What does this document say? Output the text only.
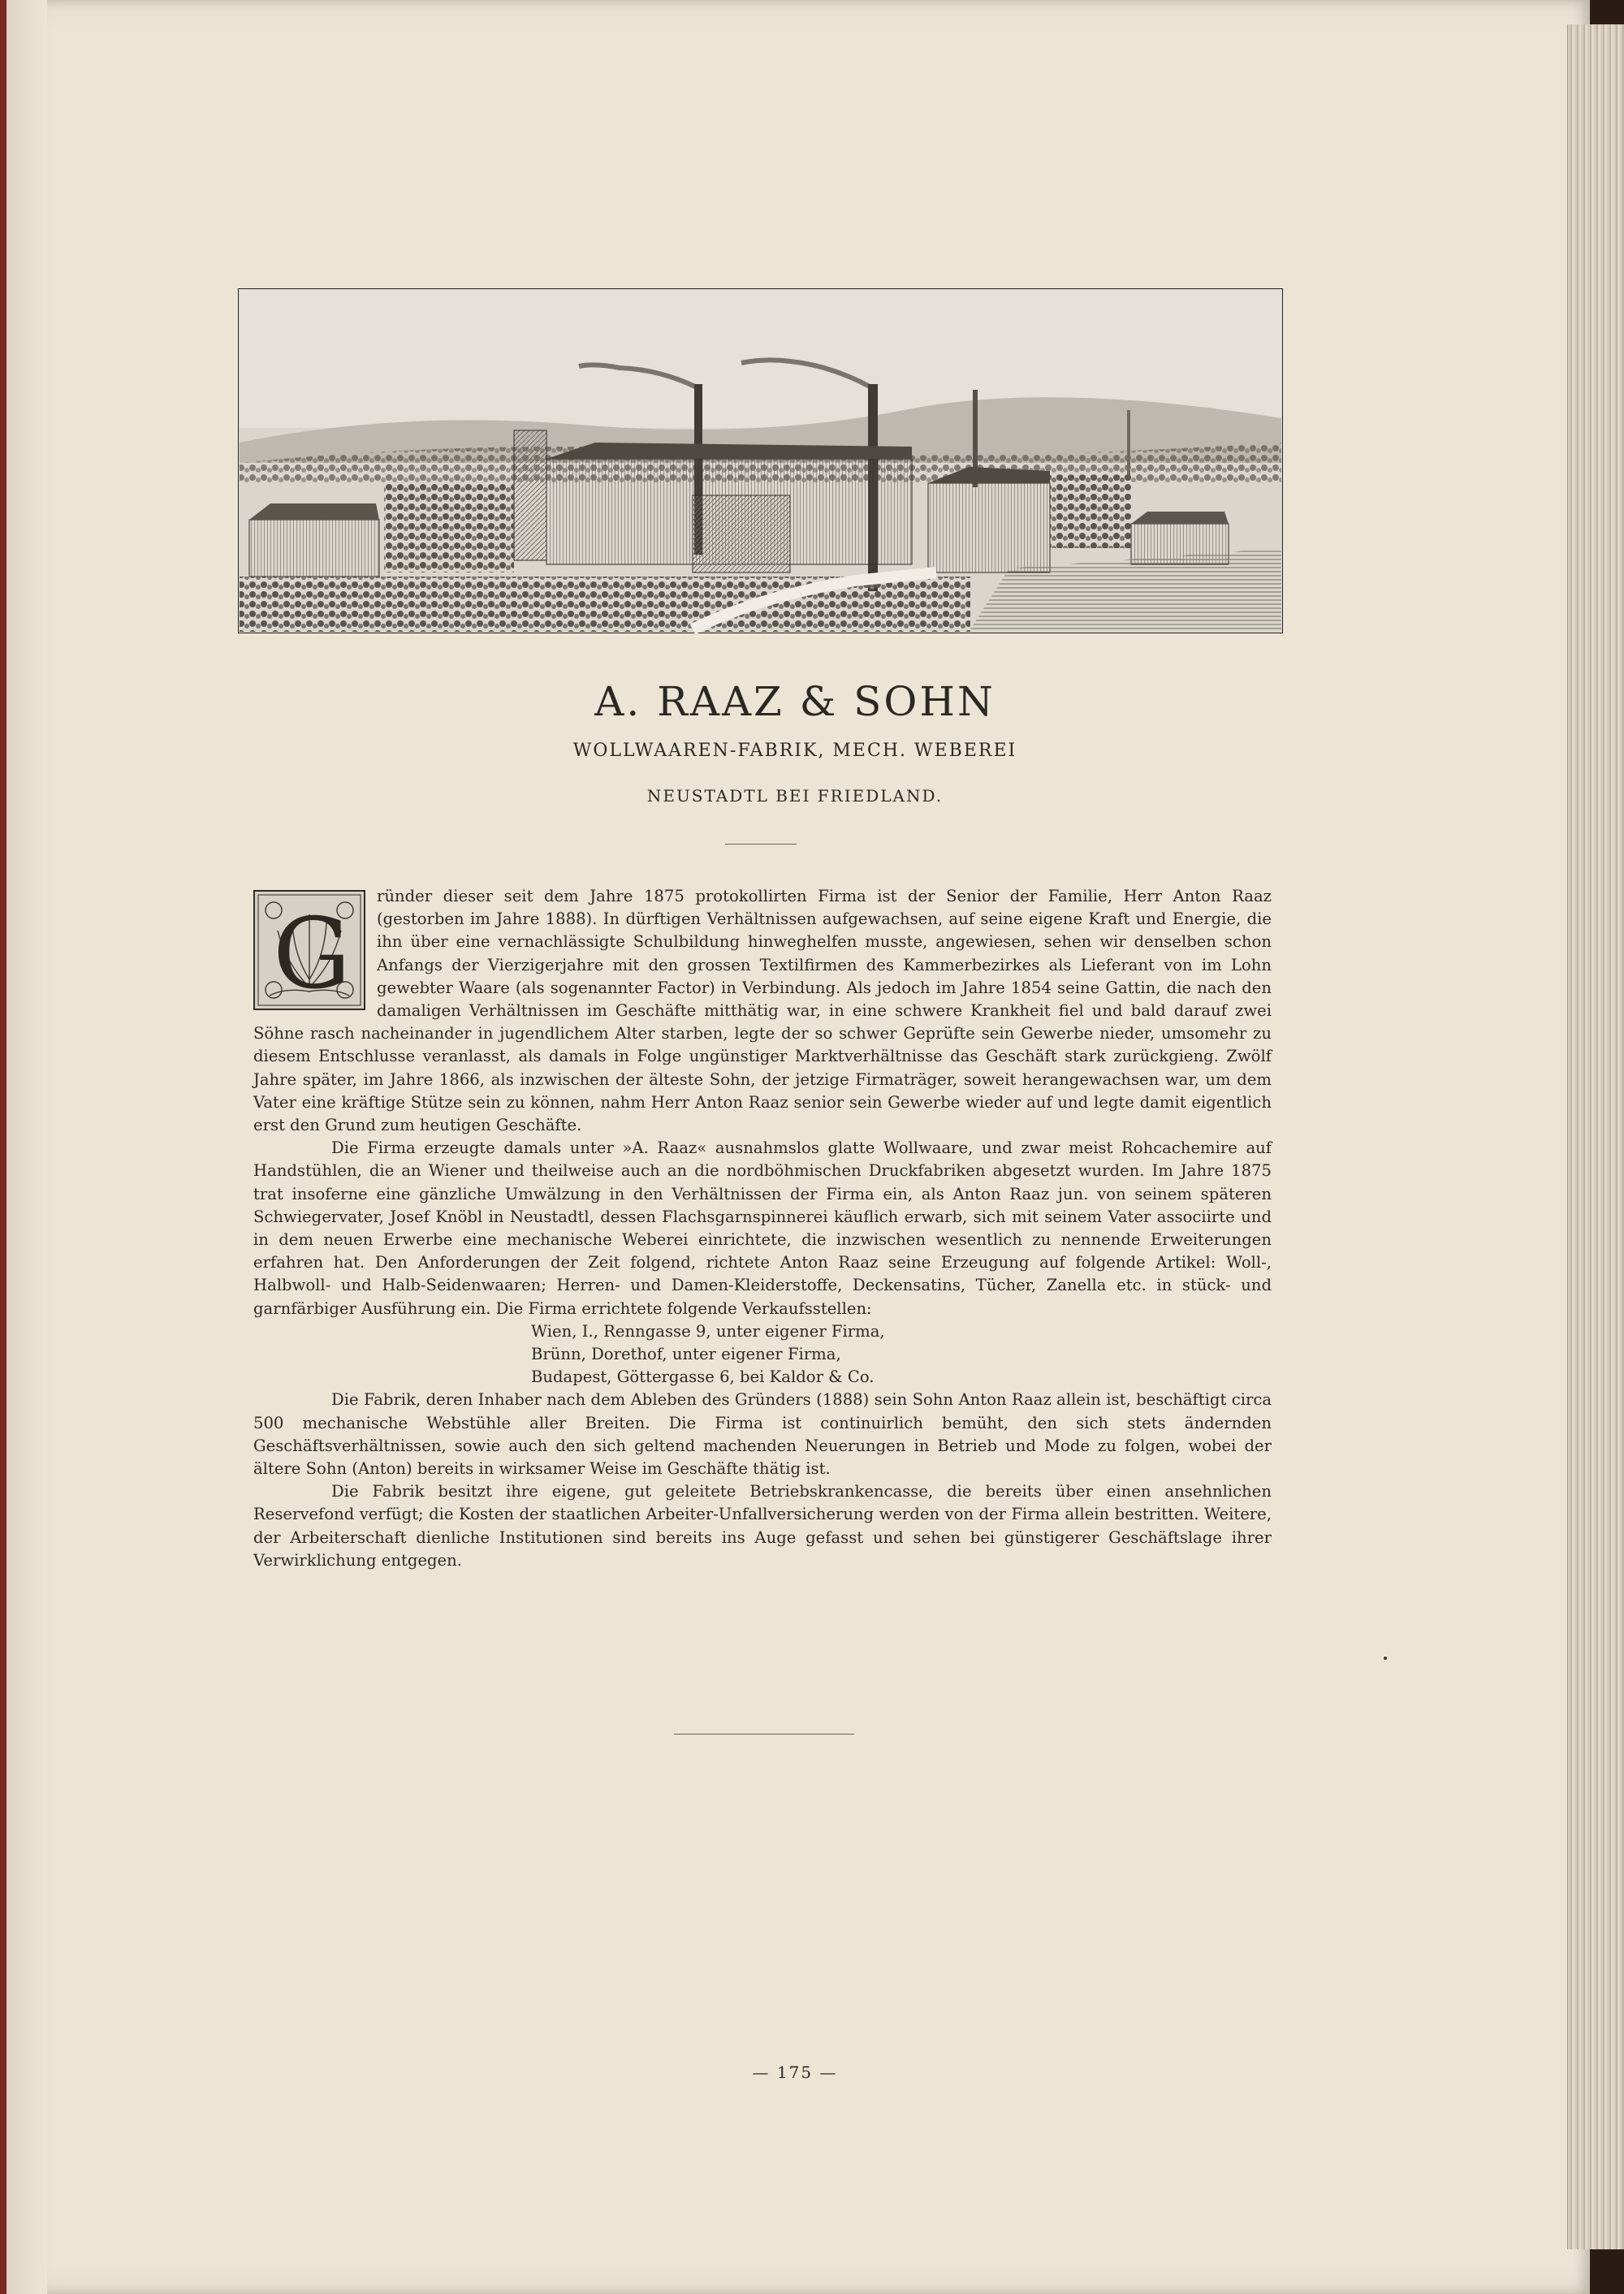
A. RAAZ & SOHN
WOLLWAAREN-FABRIK, MECH. WEBEREI
NEUSTADTL BEI FRIEDLAND.
G

ründer dieser seit dem Jahre 1875 protokollirten Firma ist der Senior der Familie, Herr Anton Raaz (gestorben im Jahre 1888). In dürftigen Verhältnissen aufgewachsen, auf seine eigene Kraft und Energie, die ihn über eine vernachlässigte Schulbildung hinweghelfen musste, angewiesen, sehen wir denselben schon Anfangs der Vierzigerjahre mit den grossen Textilfirmen des Kammerbezirkes als Lieferant von im Lohn gewebter Waare (als sogenannter Factor) in Verbindung. Als jedoch im Jahre 1854 seine Gattin, die nach den damaligen Verhältnissen im Geschäfte mitthätig war, in eine schwere Krankheit fiel und bald darauf zwei Söhne rasch nacheinander in jugendlichem Alter starben, legte der so schwer Geprüfte sein Gewerbe nieder, umsomehr zu diesem Entschlusse veranlasst, als damals in Folge ungünstiger Marktverhältnisse das Geschäft stark zurückgieng. Zwölf Jahre später, im Jahre 1866, als inzwischen der älteste Sohn, der jetzige Firmaträger, soweit herangewachsen war, um dem Vater eine kräftige Stütze sein zu können, nahm Herr Anton Raaz senior sein Gewerbe wieder auf und legte damit eigentlich erst den Grund zum heutigen Geschäfte.

Die Firma erzeugte damals unter »A. Raaz« ausnahmslos glatte Wollwaare, und zwar meist Rohcachemire auf Handstühlen, die an Wiener und theilweise auch an die nordböhmischen Druckfabriken abgesetzt wurden. Im Jahre 1875 trat insoferne eine gänzliche Umwälzung in den Verhältnissen der Firma ein, als Anton Raaz jun. von seinem späteren Schwiegervater, Josef Knöbl in Neustadtl, dessen Flachsgarnspinnerei käuflich erwarb, sich mit seinem Vater associirte und in dem neuen Erwerbe eine mechanische Weberei einrichtete, die inzwischen wesentlich zu nennende Erweiterungen erfahren hat. Den Anforderungen der Zeit folgend, richtete Anton Raaz seine Erzeugung auf folgende Artikel: Woll-, Halbwoll- und Halb-Seidenwaaren; Herren- und Damen-Kleiderstoffe, Deckensatins, Tücher, Zanella etc. in stück- und garnfärbiger Ausführung ein. Die Firma errichtete folgende Verkaufsstellen:

Wien, I., Renngasse 9, unter eigener Firma,

Brünn, Dorethof, unter eigener Firma,

Budapest, Göttergasse 6, bei Kaldor & Co.

Die Fabrik, deren Inhaber nach dem Ableben des Gründers (1888) sein Sohn Anton Raaz allein ist, beschäftigt circa 500 mechanische Webstühle aller Breiten. Die Firma ist continuirlich bemüht, den sich stets ändernden Geschäftsverhältnissen, sowie auch den sich geltend machenden Neuerungen in Betrieb und Mode zu folgen, wobei der ältere Sohn (Anton) bereits in wirksamer Weise im Geschäfte thätig ist.

Die Fabrik besitzt ihre eigene, gut geleitete Betriebskrankencasse, die bereits über einen ansehnlichen Reservefond verfügt; die Kosten der staatlichen Arbeiter-Unfallversicherung werden von der Firma allein bestritten. Weitere, der Arbeiterschaft dienliche Institutionen sind bereits ins Auge gefasst und sehen bei günstigerer Geschäftslage ihrer Verwirklichung entgegen.

— 175 —
